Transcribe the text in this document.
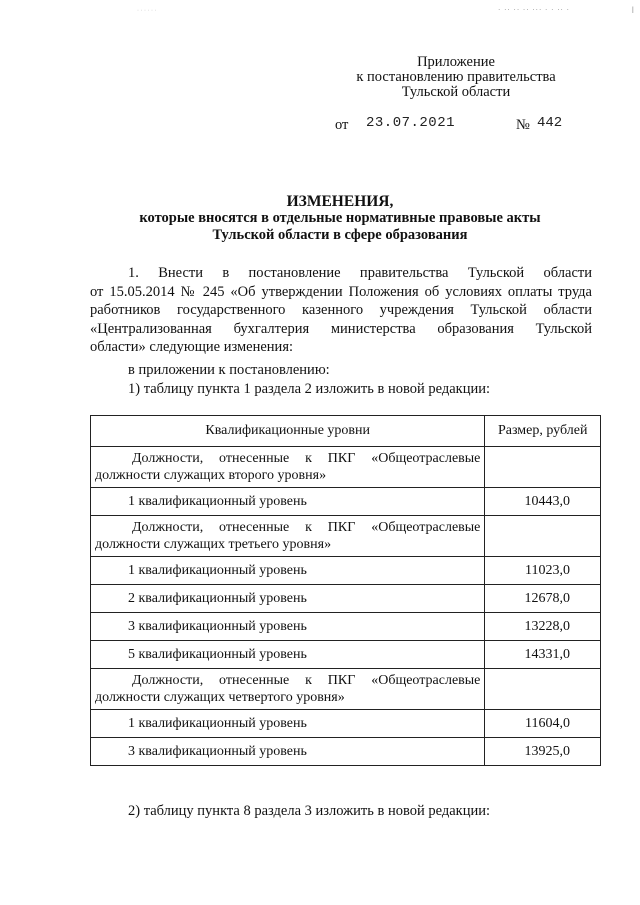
· · · · · ·	· ·· ·· ·· ··· · · ·· ·	ǀ
Приложение
к постановлению правительства
Тульской области
от 23.07.2021	№ 442
ИЗМЕНЕНИЯ,
которые вносятся в отдельные нормативные правовые акты
Тульской области в сфере образования
1. Внести в постановление правительства Тульской области
от 15.05.2014 № 245 «Об утверждении Положения об условиях оплаты труда
работников государственного казенного учреждения Тульской области
«Централизованная бухгалтерия министерства образования Тульской
области» следующие изменения:
в приложении к постановлению:
1) таблицу пункта 1 раздела 2 изложить в новой редакции:
Квалификационные уровни	Размер, рублей

Должности, отнесенные к ПКГ «Общеотраслевые
должности служащих второго уровня»	

1 квалификационный уровень	10443,0

Должности, отнесенные к ПКГ «Общеотраслевые
должности служащих третьего уровня»	

1 квалификационный уровень	11023,0
2 квалификационный уровень	12678,0
3 квалификационный уровень	13228,0
5 квалификационный уровень	14331,0

Должности, отнесенные к ПКГ «Общеотраслевые
должности служащих четвертого уровня»	

1 квалификационный уровень	11604,0
3 квалификационный уровень	13925,0
2) таблицу пункта 8 раздела 3 изложить в новой редакции:
